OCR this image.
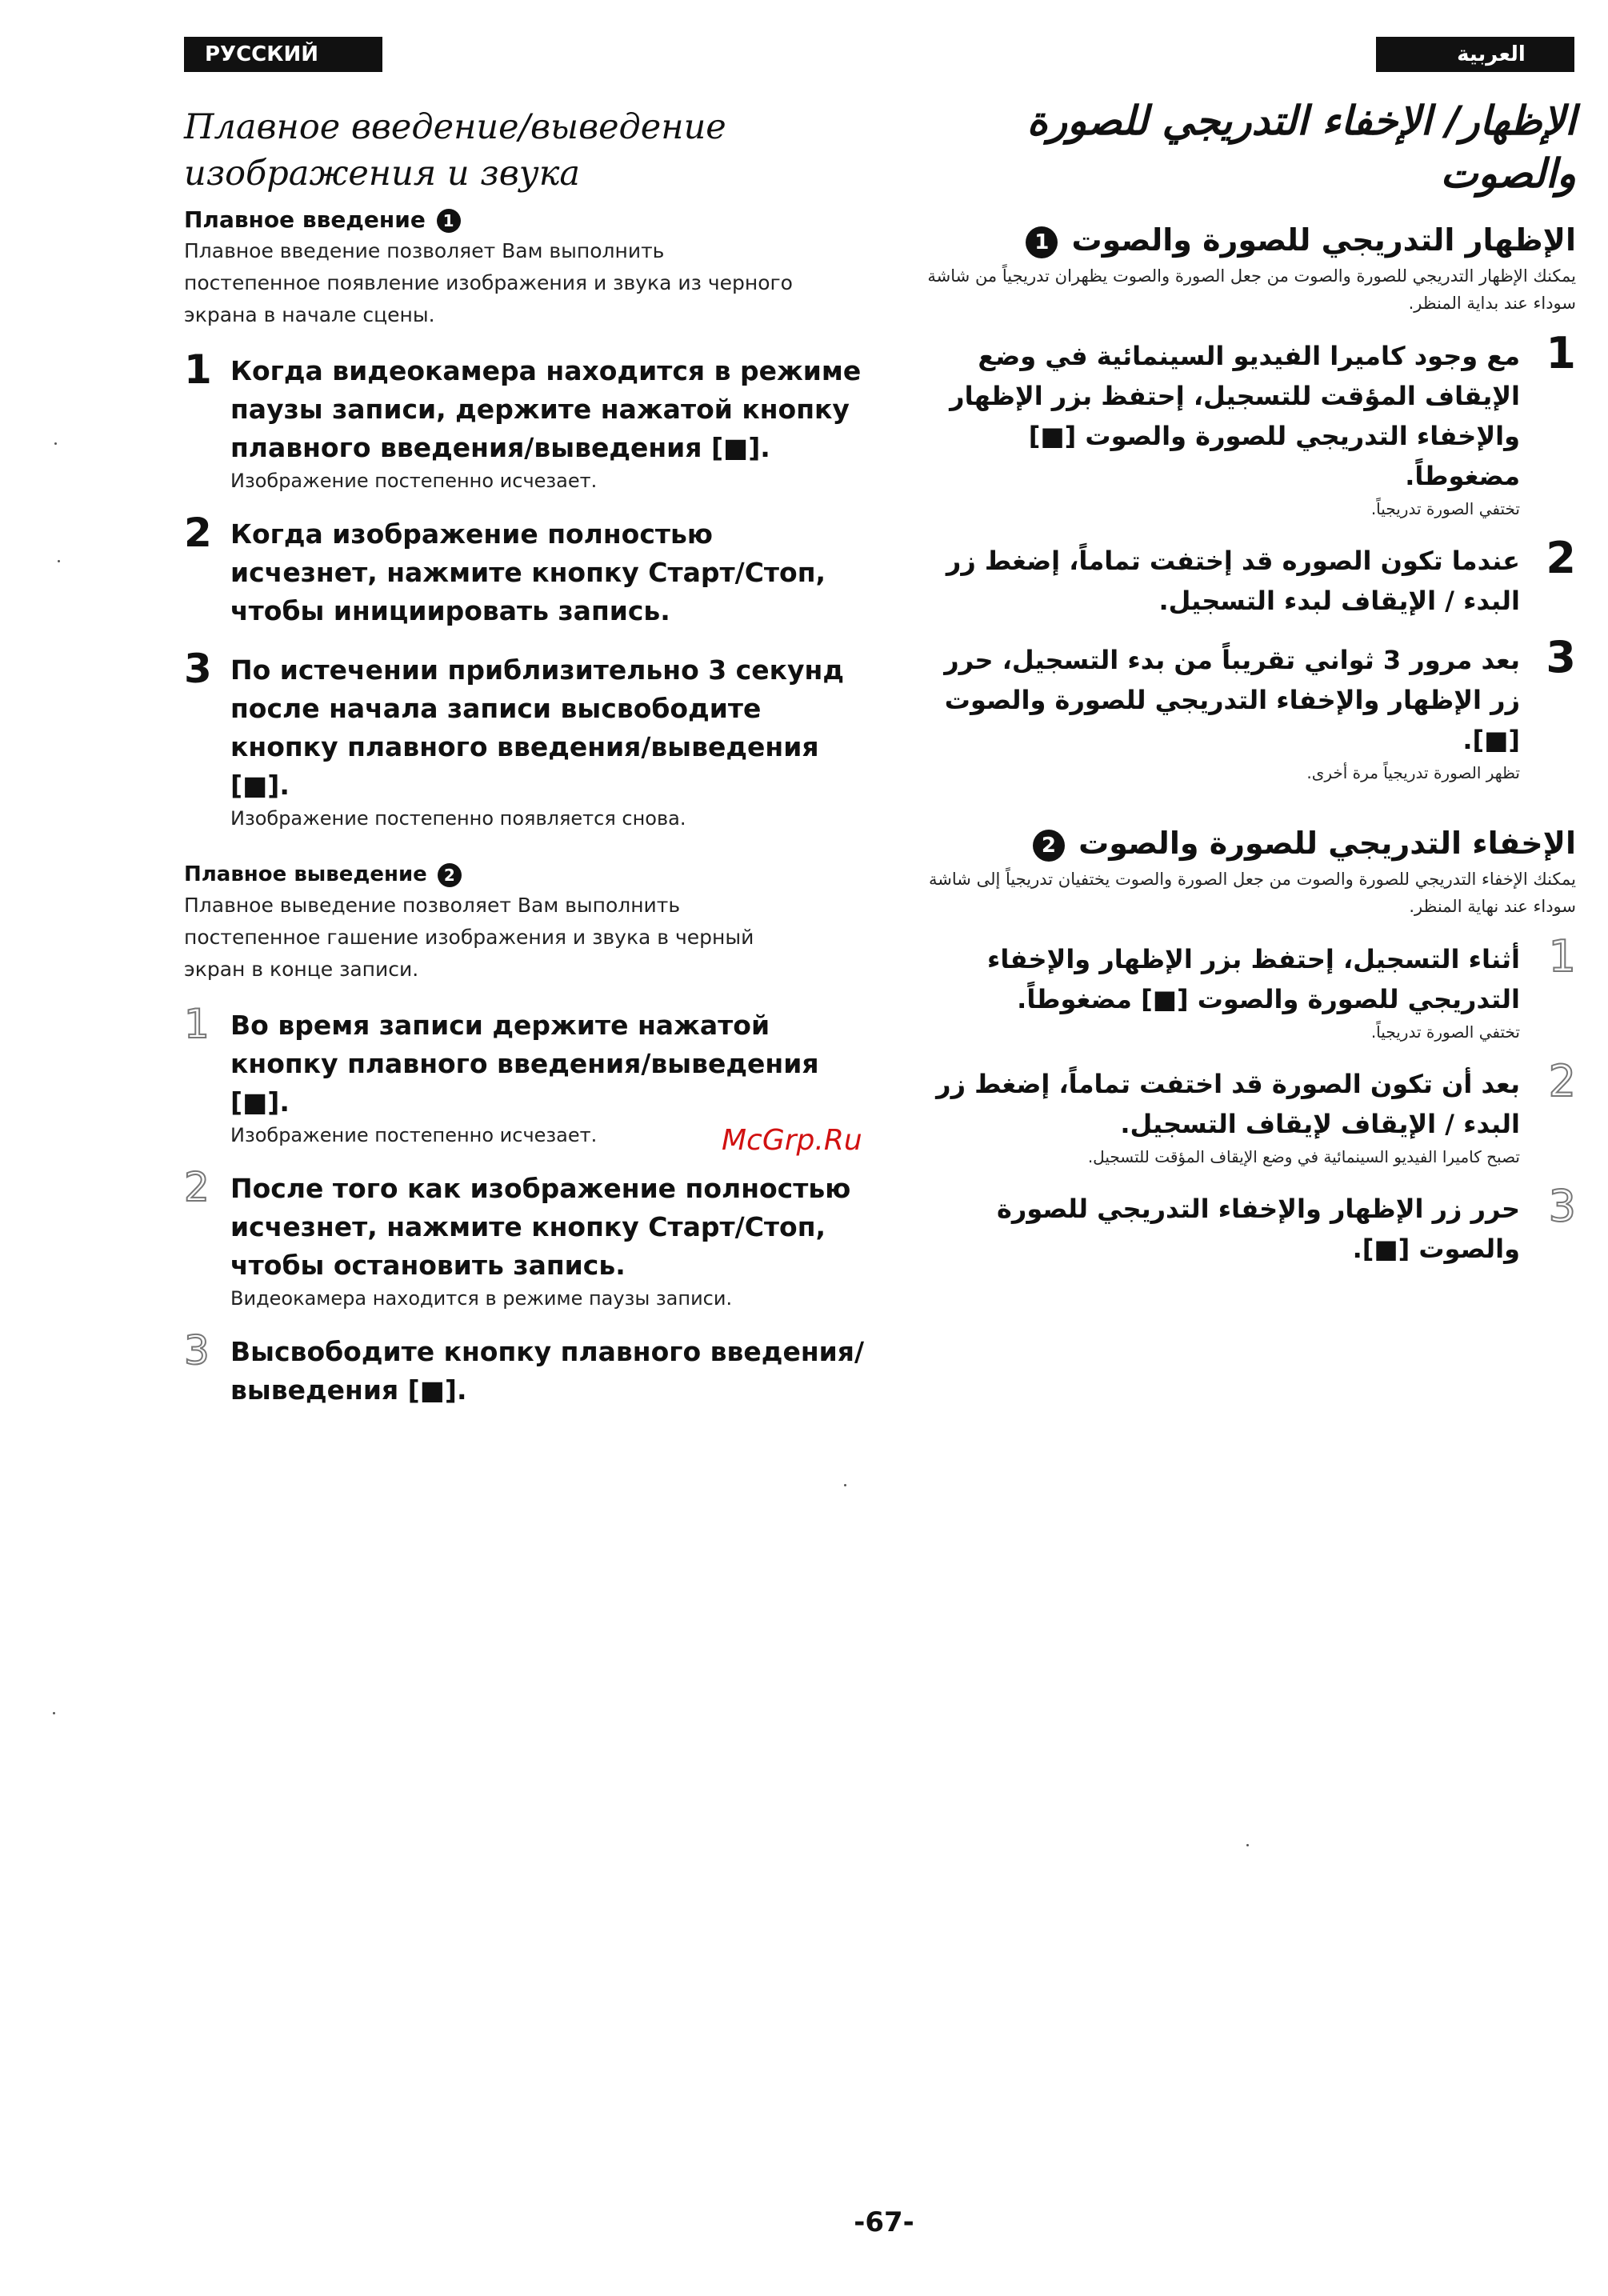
РУССКИЙ ЯЗЫК
العربية
Плавное введение/выведение изображения и звука
Плавное введение 1
Плавное введение позволяет Вам выполнить постепенное появление изображения и звука из черного экрана в начале сцены.
1 Когда видеокамера находится в режиме паузы записи, держите нажатой кнопку плавного введения/выведения [■].
Изображение постепенно исчезает.
2 Когда изображение полностью исчезнет, нажмите кнопку Старт/Стоп, чтобы инициировать запись.
3 По истечении приблизительно 3 секунд после начала записи высвободите кнопку плавного введения/выведения [■].
Изображение постепенно появляется снова.
Плавное выведение 2
Плавное выведение позволяет Вам выполнить постепенное гашение изображения и звука в черный экран в конце записи.
1 Во время записи держите нажатой кнопку плавного введения/выведения [■].
Изображение постепенно исчезает.
2 После того как изображение полностью исчезнет, нажмите кнопку Старт/Стоп, чтобы остановить запись.
Видеокамера находится в режиме паузы записи.
3 Высвободите кнопку плавного введения/выведения [■].
الإظهار/ الإخفاء التدريجي للصورة والصوت
الإظهار التدريجي للصورة والصوت 1
يمكنك الإظهار التدريجي للصورة والصوت من جعل الصورة والصوت يظهران تدريجياً من شاشة سوداء عند بداية المنظر.
1
مع وجود كاميرا الفيديو السينمائية في وضع الإيقاف المؤقت للتسجيل، إحتفظ بزر الإظهار والإخفاء التدريجي للصورة والصوت [■] مضغوطاً.
تختفي الصورة تدريجياً.
2
عندما تكون الصوره قد إختفت تماماً، إضغط زر البدء / الإيقاف لبدء التسجيل.
3
بعد مرور 3 ثواني تقريباً من بدء التسجيل، حرر زر الإظهار والإخفاء التدريجي للصورة والصوت [■].
تظهر الصورة تدريجياً مرة أخرى.
الإخفاء التدريجي للصورة والصوت 2
يمكنك الإخفاء التدريجي للصورة والصوت من جعل الصورة والصوت يختفيان تدريجياً إلى شاشة سوداء عند نهاية المنظر.
1
أثناء التسجيل، إحتفظ بزر الإظهار والإخفاء التدريجي للصورة والصوت [■] مضغوطاً.
تختفي الصورة تدريجياً.
2
بعد أن تكون الصورة قد اختفت تماماً، إضغط زر البدء / الإيقاف لإيقاف التسجيل.
تصبح كاميرا الفيديو السينمائية في وضع الإيقاف المؤقت للتسجيل.
3
حرر زر الإظهار والإخفاء التدريجي للصورة والصوت [■].
McGrp.Ru
-67-
